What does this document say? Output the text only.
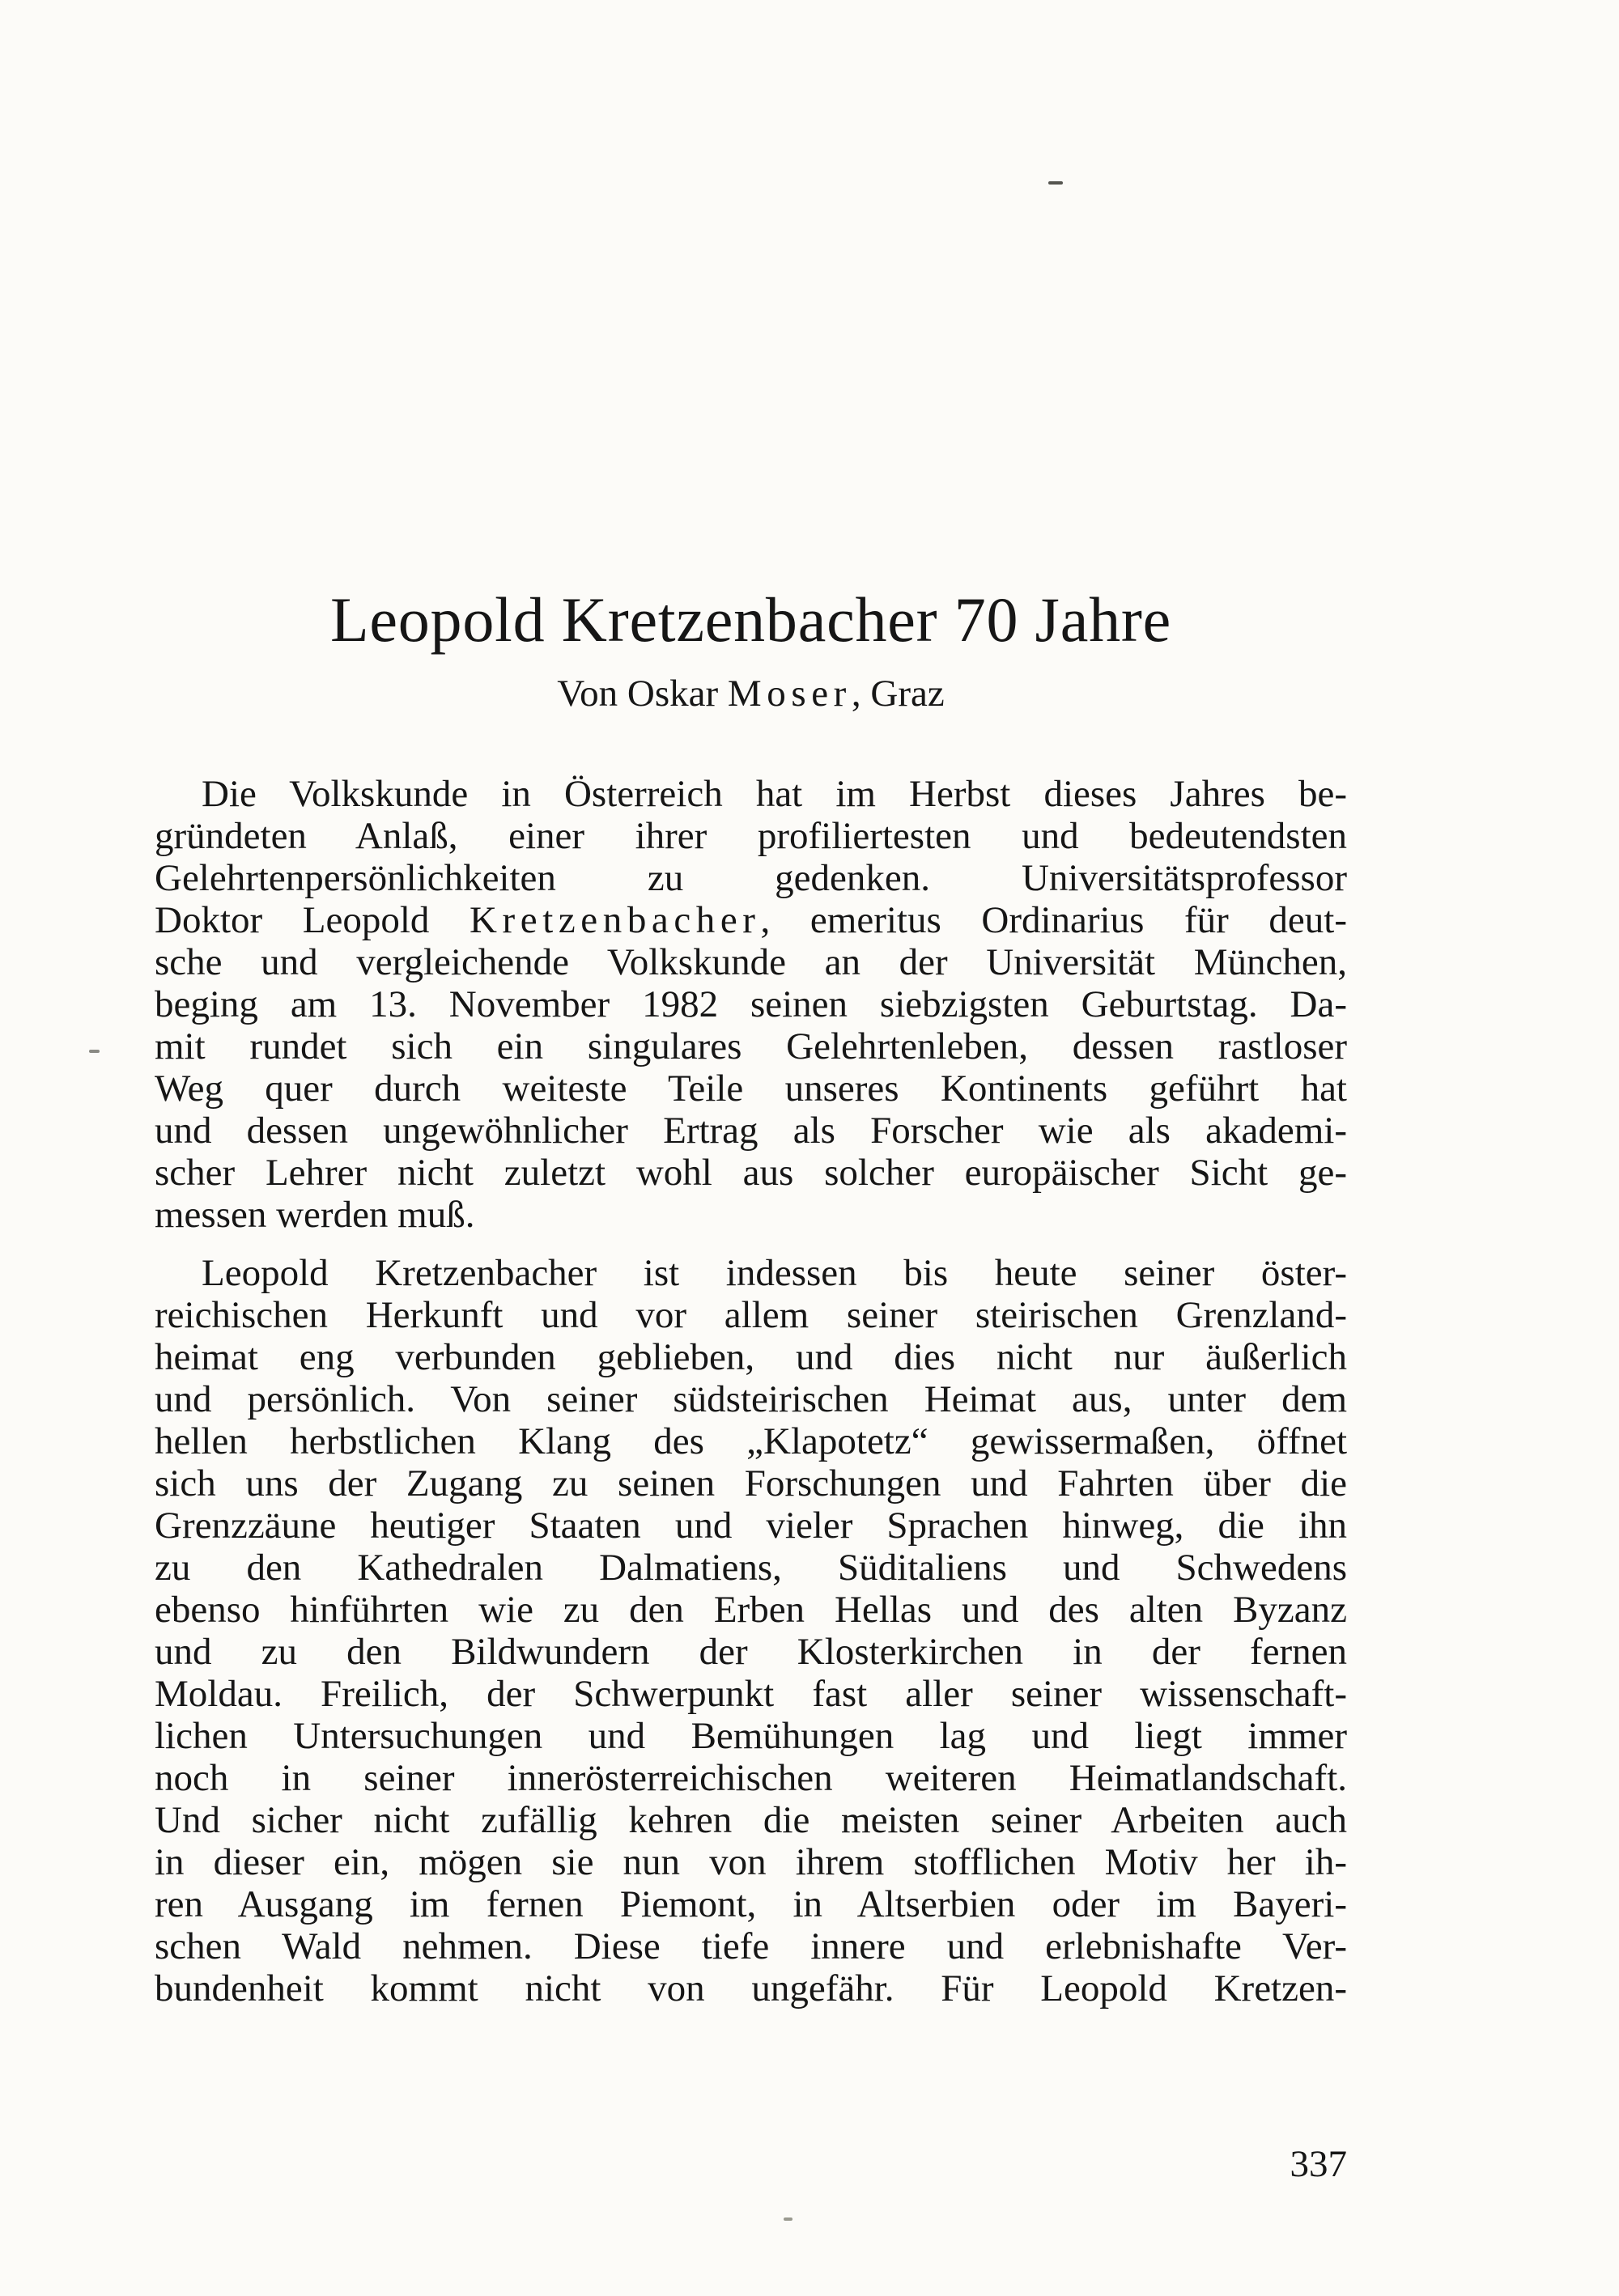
Leopold Kretzenbacher 70 Jahre
Von Oskar Moser, Graz
Die Volkskunde in Österreich hat im Herbst dieses Jahres be-
gründeten Anlaß, einer ihrer profiliertesten und bedeutendsten
Gelehrtenpersönlichkeiten zu gedenken. Universitätsprofessor
Doktor Leopold Kretzenbacher, emeritus Ordinarius für deut-
sche und vergleichende Volkskunde an der Universität München,
beging am 13. November 1982 seinen siebzigsten Geburtstag. Da-
mit rundet sich ein singulares Gelehrtenleben, dessen rastloser
Weg quer durch weiteste Teile unseres Kontinents geführt hat
und dessen ungewöhnlicher Ertrag als Forscher wie als akademi-
scher Lehrer nicht zuletzt wohl aus solcher europäischer Sicht ge-
messen werden muß.
Leopold Kretzenbacher ist indessen bis heute seiner öster-
reichischen Herkunft und vor allem seiner steirischen Grenzland-
heimat eng verbunden geblieben, und dies nicht nur äußerlich
und persönlich. Von seiner südsteirischen Heimat aus, unter dem
hellen herbstlichen Klang des „Klapotetz“ gewissermaßen, öffnet
sich uns der Zugang zu seinen Forschungen und Fahrten über die
Grenzzäune heutiger Staaten und vieler Sprachen hinweg, die ihn
zu den Kathedralen Dalmatiens, Süditaliens und Schwedens
ebenso hinführten wie zu den Erben Hellas und des alten Byzanz
und zu den Bildwundern der Klosterkirchen in der fernen
Moldau. Freilich, der Schwerpunkt fast aller seiner wissenschaft-
lichen Untersuchungen und Bemühungen lag und liegt immer
noch in seiner innerösterreichischen weiteren Heimatlandschaft.
Und sicher nicht zufällig kehren die meisten seiner Arbeiten auch
in dieser ein, mögen sie nun von ihrem stofflichen Motiv her ih-
ren Ausgang im fernen Piemont, in Altserbien oder im Bayeri-
schen Wald nehmen. Diese tiefe innere und erlebnishafte Ver-
bundenheit kommt nicht von ungefähr. Für Leopold Kretzen-
337
